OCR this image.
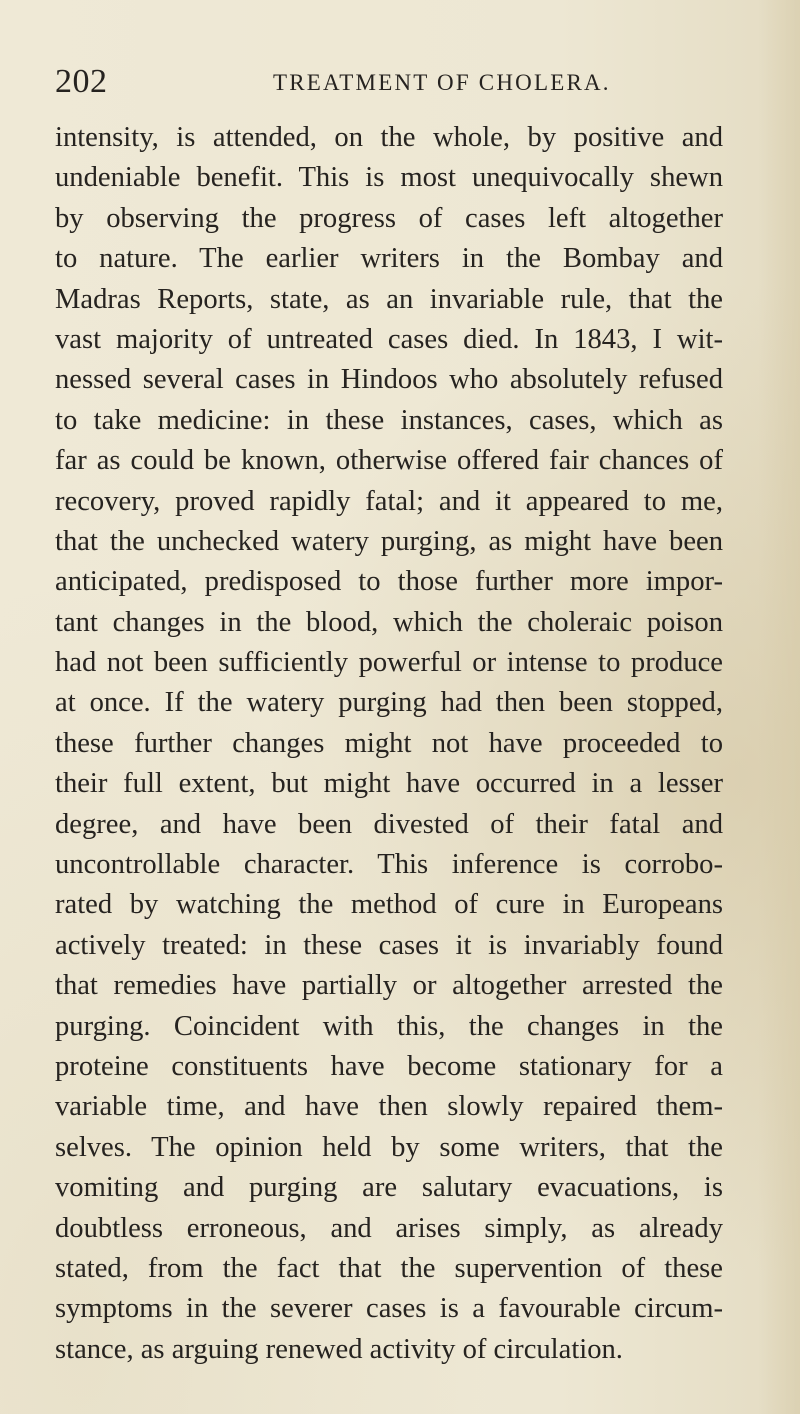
202	TREATMENT OF CHOLERA.
intensity, is attended, on the whole, by positive and
undeniable benefit. This is most unequivocally shewn
by observing the progress of cases left altogether
to nature. The earlier writers in the Bombay and
Madras Reports, state, as an invariable rule, that the
vast majority of untreated cases died. In 1843, I wit-
nessed several cases in Hindoos who absolutely refused
to take medicine: in these instances, cases, which as
far as could be known, otherwise offered fair chances of
recovery, proved rapidly fatal; and it appeared to me,
that the unchecked watery purging, as might have been
anticipated, predisposed to those further more impor-
tant changes in the blood, which the choleraic poison
had not been sufficiently powerful or intense to produce
at once. If the watery purging had then been stopped,
these further changes might not have proceeded to
their full extent, but might have occurred in a lesser
degree, and have been divested of their fatal and
uncontrollable character. This inference is corrobo-
rated by watching the method of cure in Europeans
actively treated: in these cases it is invariably found
that remedies have partially or altogether arrested the
purging. Coincident with this, the changes in the
proteine constituents have become stationary for a
variable time, and have then slowly repaired them-
selves. The opinion held by some writers, that the
vomiting and purging are salutary evacuations, is
doubtless erroneous, and arises simply, as already
stated, from the fact that the supervention of these
symptoms in the severer cases is a favourable circum-
stance, as arguing renewed activity of circulation.
